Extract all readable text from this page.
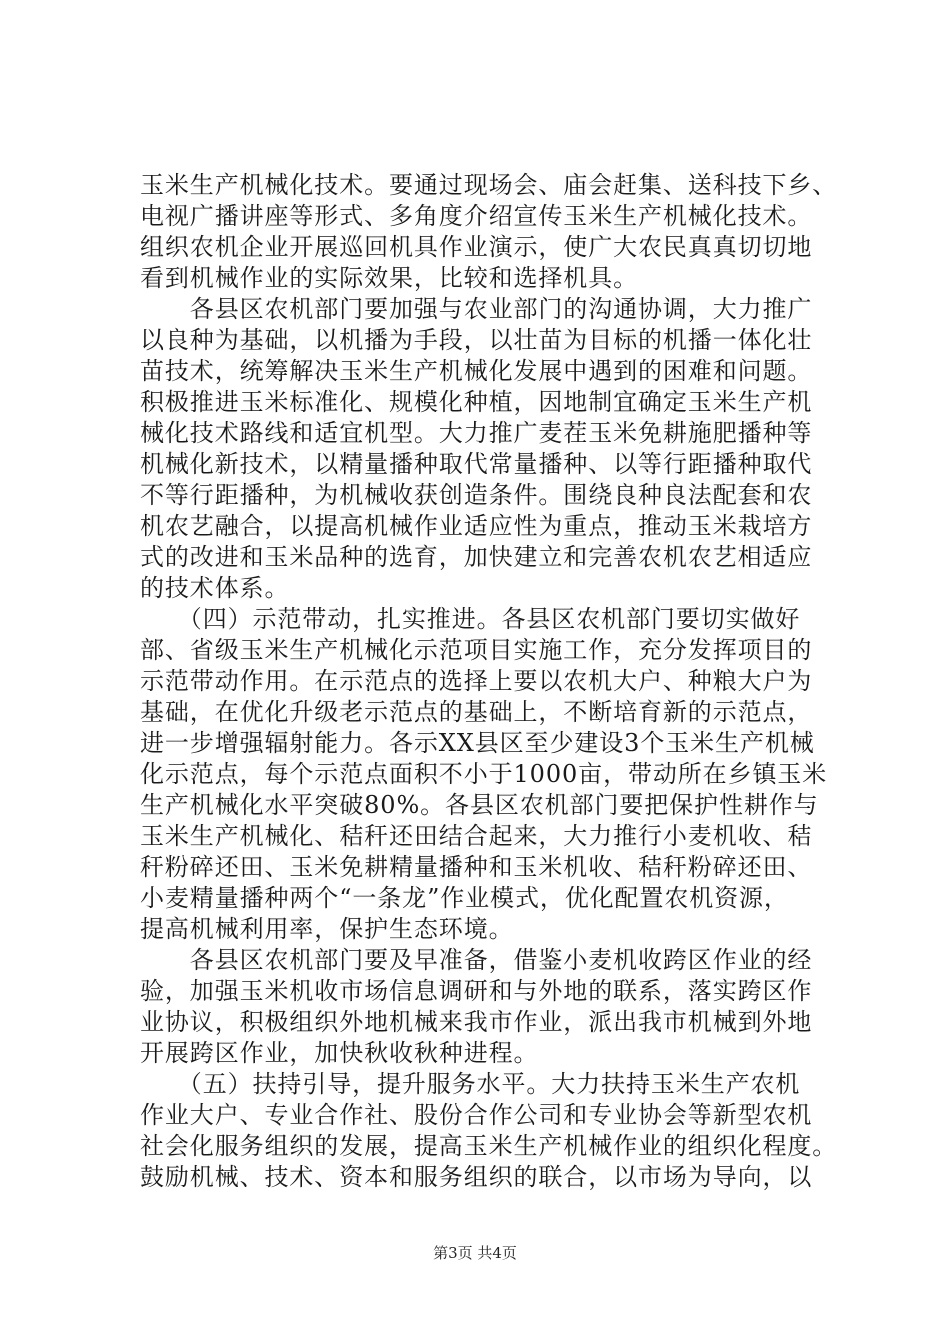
玉米生产机械化技术。要通过现场会、庙会赶集、送科技下乡、
电视广播讲座等形式、多角度介绍宣传玉米生产机械化技术。
组织农机企业开展巡回机具作业演示，使广大农民真真切切地
看到机械作业的实际效果，比较和选择机具。
　　各县区农机部门要加强与农业部门的沟通协调，大力推广
以良种为基础，以机播为手段，以壮苗为目标的机播一体化壮
苗技术，统筹解决玉米生产机械化发展中遇到的困难和问题。
积极推进玉米标准化、规模化种植，因地制宜确定玉米生产机
械化技术路线和适宜机型。大力推广麦茬玉米免耕施肥播种等
机械化新技术，以精量播种取代常量播种、以等行距播种取代
不等行距播种，为机械收获创造条件。围绕良种良法配套和农
机农艺融合，以提高机械作业适应性为重点，推动玉米栽培方
式的改进和玉米品种的选育，加快建立和完善农机农艺相适应
的技术体系。
　　（四）示范带动，扎实推进。各县区农机部门要切实做好
部、省级玉米生产机械化示范项目实施工作，充分发挥项目的
示范带动作用。在示范点的选择上要以农机大户、种粮大户为
基础，在优化升级老示范点的基础上，不断培育新的示范点，
进一步增强辐射能力。各示XX县区至少建设3个玉米生产机械
化示范点，每个示范点面积不小于1000亩，带动所在乡镇玉米
生产机械化水平突破80%。各县区农机部门要把保护性耕作与
玉米生产机械化、秸秆还田结合起来，大力推行小麦机收、秸
秆粉碎还田、玉米免耕精量播种和玉米机收、秸秆粉碎还田、
小麦精量播种两个“一条龙”作业模式，优化配置农机资源，
提高机械利用率，保护生态环境。
　　各县区农机部门要及早准备，借鉴小麦机收跨区作业的经
验，加强玉米机收市场信息调研和与外地的联系，落实跨区作
业协议，积极组织外地机械来我市作业，派出我市机械到外地
开展跨区作业，加快秋收秋种进程。
　　（五）扶持引导，提升服务水平。大力扶持玉米生产农机
作业大户、专业合作社、股份合作公司和专业协会等新型农机
社会化服务组织的发展，提高玉米生产机械作业的组织化程度。
鼓励机械、技术、资本和服务组织的联合，以市场为导向，以
第3页 共4页
